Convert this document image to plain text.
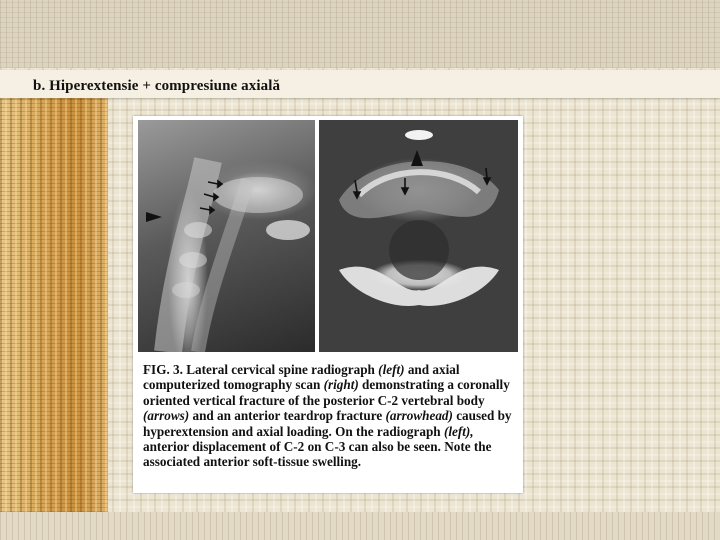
b. Hiperextensie + compresiune axială
FIG. 3. Lateral cervical spine radiograph (left) and axial computerized tomography scan (right) demonstrating a coronally oriented vertical fracture of the posterior C-2 vertebral body (arrows) and an anterior teardrop fracture (arrowhead) caused by hyperextension and axial loading. On the radiograph (left), anterior displacement of C-2 on C-3 can also be seen. Note the associated anterior soft-tissue swelling.
